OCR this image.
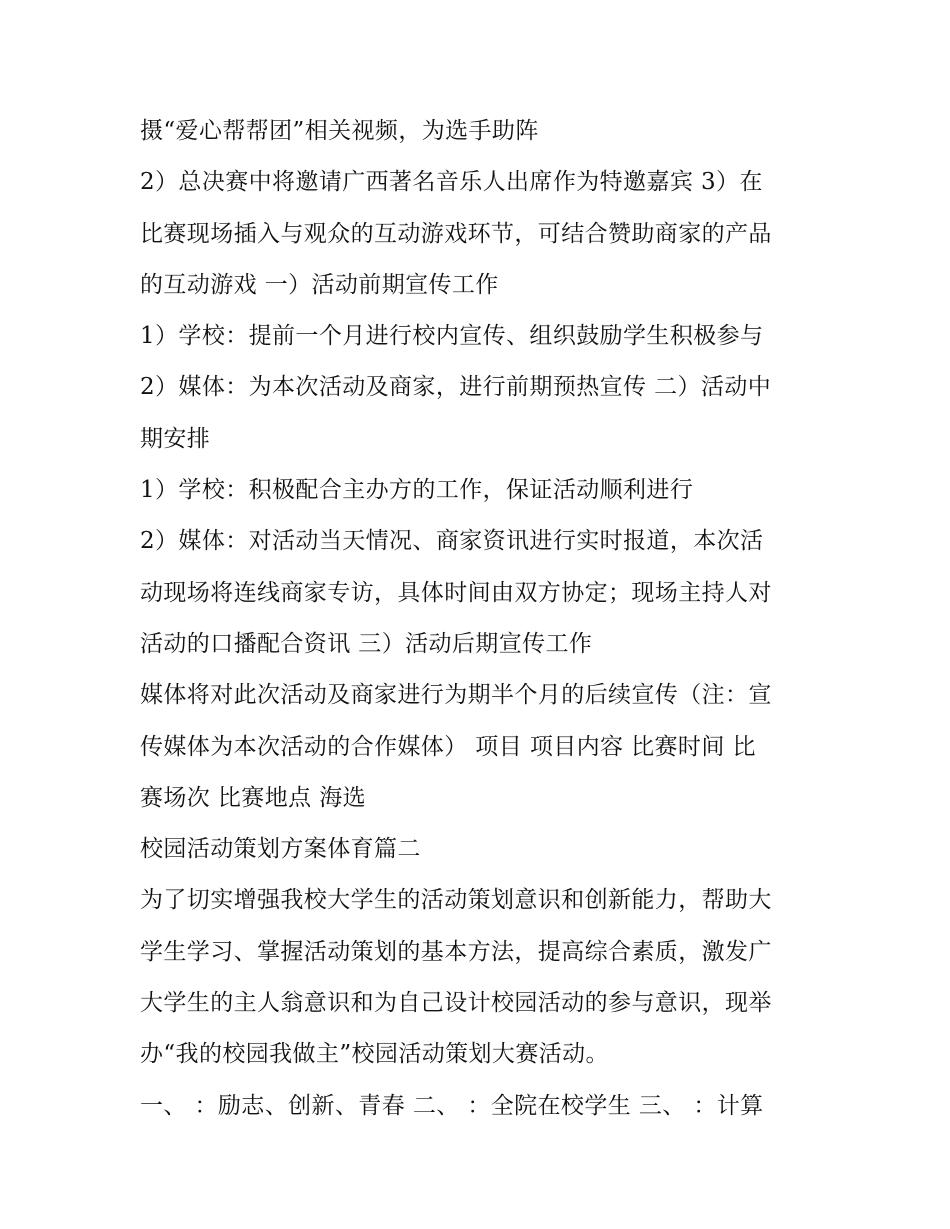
摄“爱心帮帮团”相关视频，为选手助阵
2）总决赛中将邀请广西著名音乐人出席作为特邀嘉宾 3）在
比赛现场插入与观众的互动游戏环节，可结合赞助商家的产品
的互动游戏 一）活动前期宣传工作
1）学校：提前一个月进行校内宣传、组织鼓励学生积极参与
2）媒体：为本次活动及商家，进行前期预热宣传 二）活动中
期安排
1）学校：积极配合主办方的工作，保证活动顺利进行
2）媒体：对活动当天情况、商家资讯进行实时报道，本次活
动现场将连线商家专访，具体时间由双方协定；现场主持人对
活动的口播配合资讯 三）活动后期宣传工作
媒体将对此次活动及商家进行为期半个月的后续宣传（注：宣
传媒体为本次活动的合作媒体） 项目 项目内容 比赛时间 比
赛场次 比赛地点 海选
校园活动策划方案体育篇二
为了切实增强我校大学生的活动策划意识和创新能力，帮助大
学生学习、掌握活动策划的基本方法，提高综合素质，激发广
大学生的主人翁意识和为自己设计校园活动的参与意识，现举
办“我的校园我做主”校园活动策划大赛活动。
一、 ：励志、创新、青春 二、 ：全院在校学生 三、 ：计算
